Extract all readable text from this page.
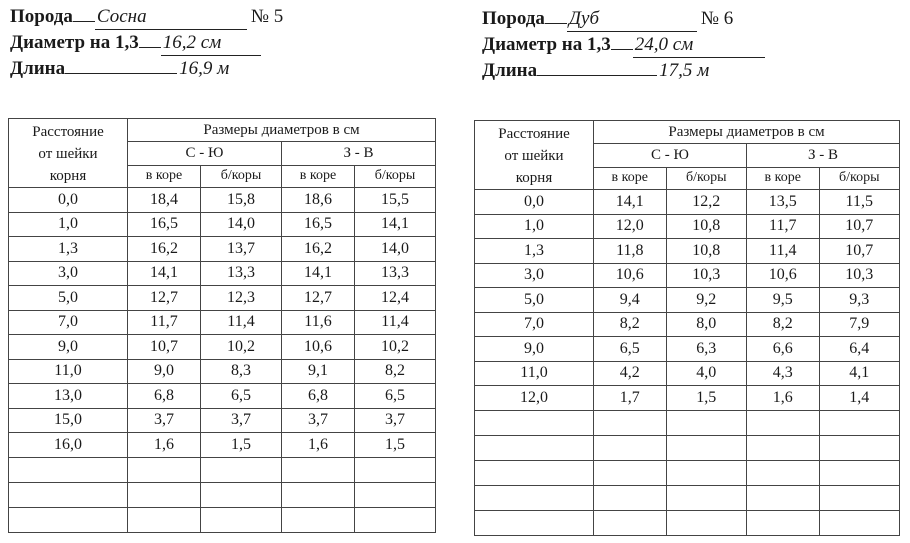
Порода Сосна	№ 5
Диаметр на 1,3 16,2 см
Длина	16,9 м
Расстояние
от шейки
корня	Размеры диаметров в см			
	С - Ю		З - В	
	в коре	б/коры	в коре	б/коры
0,0	18,4	15,8	18,6	15,5
1,0	16,5	14,0	16,5	14,1
1,3	16,2	13,7	16,2	14,0
3,0	14,1	13,3	14,1	13,3
5,0	12,7	12,3	12,7	12,4
7,0	11,7	11,4	11,6	11,4
9,0	10,7	10,2	10,6	10,2
11,0	9,0	8,3	9,1	8,2
13,0	6,8	6,5	6,8	6,5
15,0	3,7	3,7	3,7	3,7
16,0	1,6	1,5	1,6	1,5

Порода Дуб	№ 6
Диаметр на 1,3 24,0 см
Длина	17,5 м
Расстояние
от шейки
корня	Размеры диаметров в см			
	С - Ю		З - В	
	в коре	б/коры	в коре	б/коры
0,0	14,1	12,2	13,5	11,5
1,0	12,0	10,8	11,7	10,7
1,3	11,8	10,8	11,4	10,7
3,0	10,6	10,3	10,6	10,3
5,0	9,4	9,2	9,5	9,3
7,0	8,2	8,0	8,2	7,9
9,0	6,5	6,3	6,6	6,4
11,0	4,2	4,0	4,3	4,1
12,0	1,7	1,5	1,6	1,4
